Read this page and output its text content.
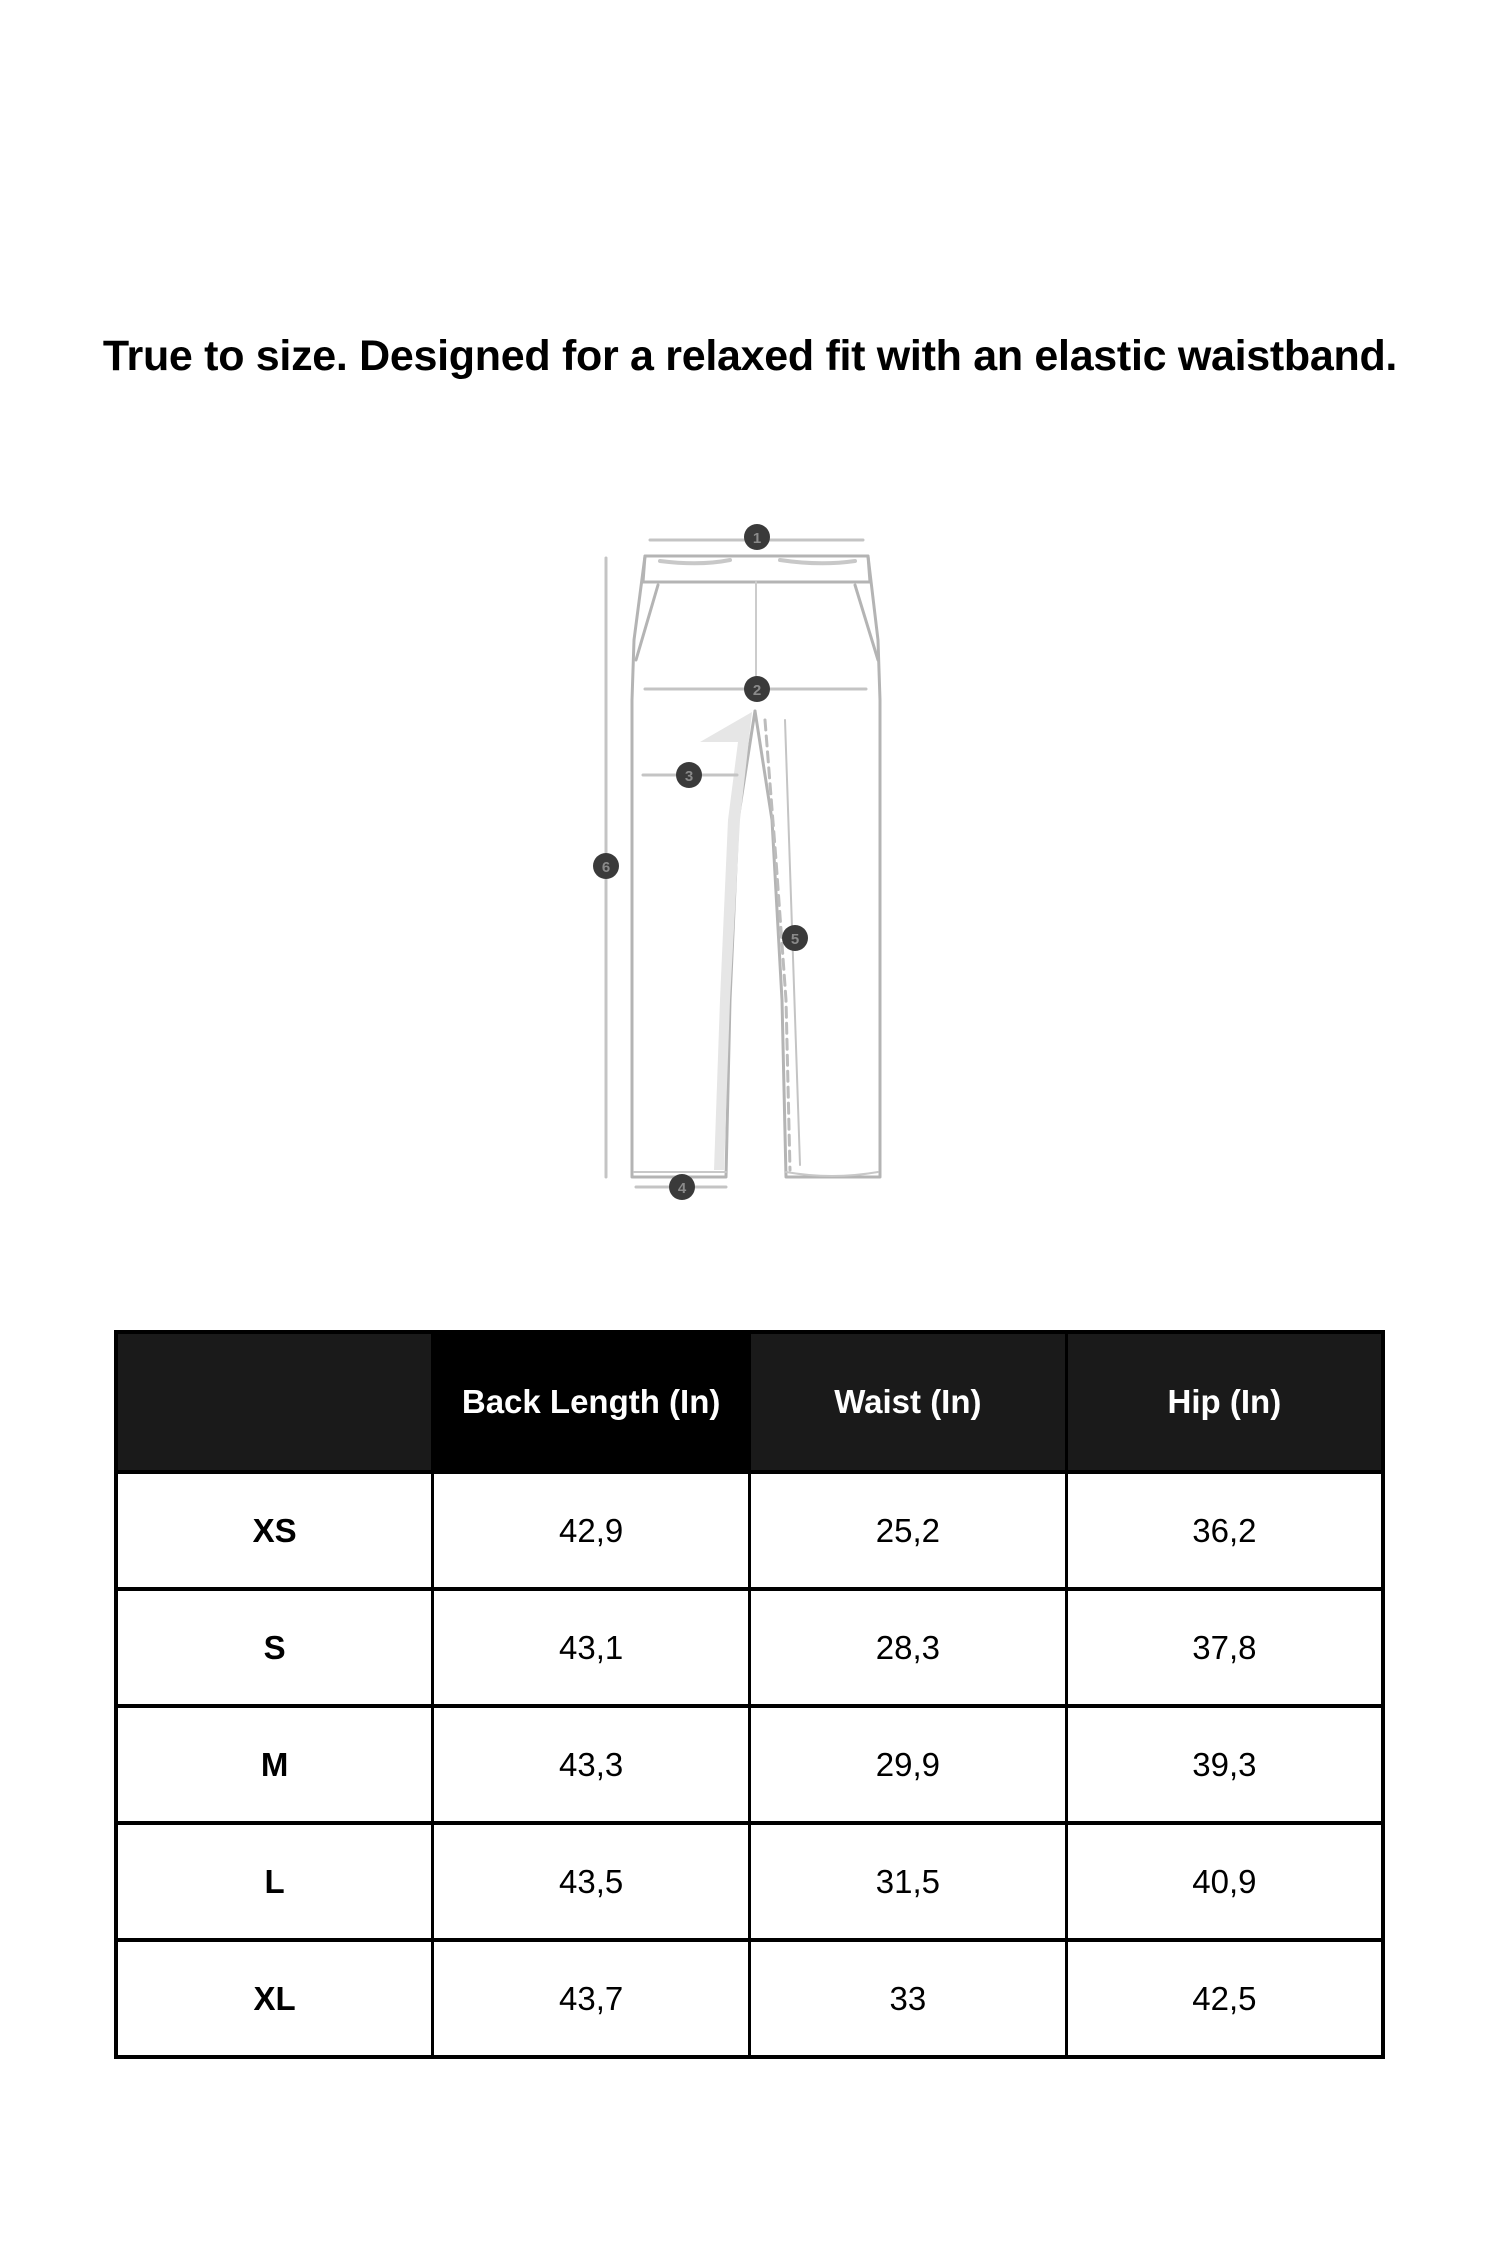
True to size. Designed for a relaxed fit with an elastic waistband.
1
2
3
4
5
6
	Back Length (In)	Waist (In)	Hip (In)
XS	42,9	25,2	36,2
S	43,1	28,3	37,8
M	43,3	29,9	39,3
L	43,5	31,5	40,9
XL	43,7	33	42,5
